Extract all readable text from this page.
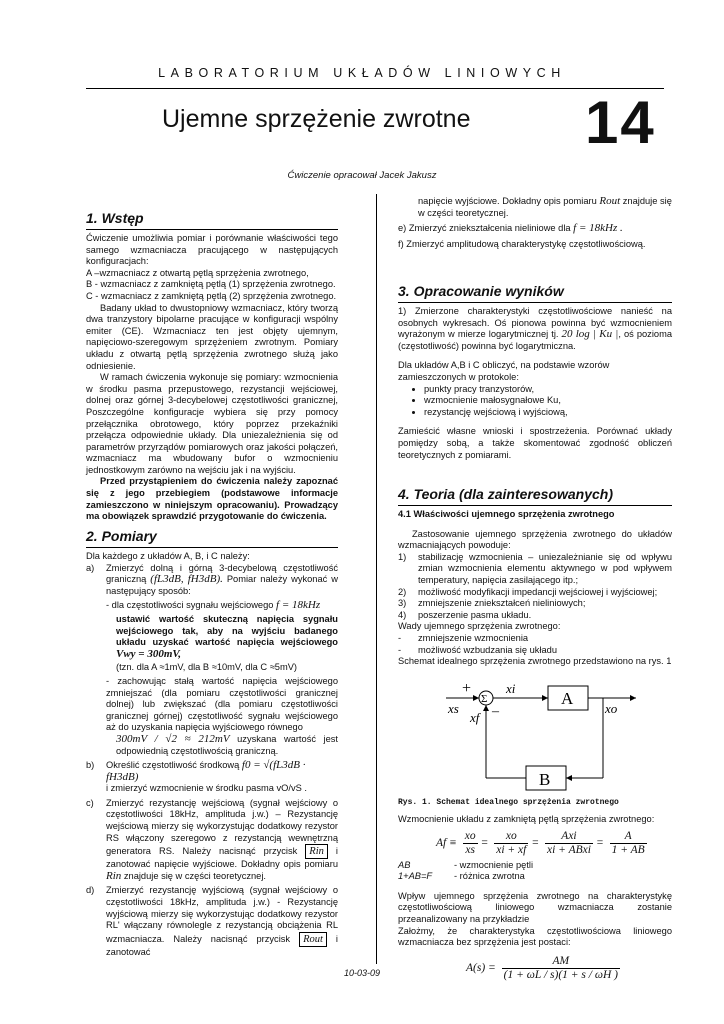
LABORATORIUM UKŁADÓW LINIOWYCH
Ujemne sprzężenie zwrotne 14
Ćwiczenie opracował Jacek Jakusz
1. Wstęp

Ćwiczenie umożliwia pomiar i porównanie właściwości tego samego wzmacniacza pracującego w następujących konfiguracjach:

A –wzmacniacz z otwartą pętlą sprzężenia zwrotnego,

B - wzmacniacz z zamkniętą pętlą (1) sprzężenia zwrotnego.

C - wzmacniacz z zamkniętą pętlą (2) sprzężenia zwrotnego.

Badany układ to dwustopniowy wzmacniacz, który tworzą dwa tranzystory bipolarne pracujące w konfiguracji wspólny emiter (CE). Wzmacniacz ten jest objęty ujemnym, napięciowo-szeregowym sprzężeniem zwrotnym. Pomiary układu z otwartą pętlą sprzężenia zwrotnego służą jako odniesienie.

W ramach ćwiczenia wykonuje się pomiary: wzmocnienia w środku pasma przepustowego, rezystancji wejściowej, dolnej oraz górnej 3-decybelowej częstotliwości granicznej, Poszczególne konfiguracje wybiera się przy pomocy przełącznika obrotowego, który poprzez przekaźniki przełącza odpowiednie układy. Dla uniezależnienia się od parametrów przyrządów pomiarowych oraz jakości połączeń, wzmacniacz ma wbudowany bufor o wzmocnieniu jednostkowym zarówno na wejściu jak i na wyjściu.

Przed przystąpieniem do ćwiczenia należy zapoznać się z jego przebiegiem (podstawowe informacje zamieszczono w niniejszym opracowaniu). Prowadzący ma obowiązek sprawdzić przygotowanie do ćwiczenia.

2. Pomiary

Dla każdego z układów A, B, i C należy:

a)	Zmierzyć dolną i górną 3-decybelową częstotliwość graniczną (fL3dB, fH3dB). Pomiar należy wykonać w następujący sposób:
- dla częstotliwości sygnału wejściowego f = 18kHz
ustawić wartość skuteczną napięcia sygnału wejściowego tak, aby na wyjściu badanego układu uzyskać wartość napięcia wejściowego Vwy = 300mV,
(tzn. dla A ≈1mV, dla B ≈10mV, dla C ≈5mV)
- zachowując stałą wartość napięcia wejściowego zmniejszać (dla pomiaru częstotliwości granicznej dolnej) lub zwiększać (dla pomiaru częstotliwości granicznej górnej) częstotliwość sygnału wejściowego aż do uzyskania napięcia wyjściowego równego
300mV / √2 ≈ 212mV uzyskana wartość jest odpowiednią częstotliwością graniczną.
b)	Określić częstotliwość środkową f0 = √(fL3dB · fH3dB)
i zmierzyć wzmocnienie w środku pasma vO/vS .
c)	Zmierzyć rezystancję wejściową (sygnał wejściowy o częstotliwości 18kHz, amplituda j.w.) – Rezystancję wejściową mierzy się wykorzystując dodatkowy rezystor RS włączony szeregowo z rezystancją wewnętrzną generatora RS. Należy nacisnąć przycisk Rin i zanotować napięcie wyjściowe. Dokładny opis pomiaru Rin znajduje się w części teoretycznej.
d)	Zmierzyć rezystancję wyjściową (sygnał wejściowy o częstotliwości 18kHz, amplituda j.w.) - Rezystancję wyjściową mierzy się wykorzystując dodatkowy rezystor RL' włączany równolegle z rezystancją obciążenia RL wzmacniacza. Należy nacisnąć przycisk Rout i zanotować
napięcie wyjściowe. Dokładny opis pomiaru Rout znajduje się w części teoretycznej.
e) Zmierzyć zniekształcenia nieliniowe dla f = 18kHz .
f) Zmierzyć amplitudową charakterystykę częstotliwościową.
3. Opracowanie wyników

1) Zmierzone charakterystyki częstotliwościowe nanieść na osobnych wykresach. Oś pionowa powinna być wzmocnieniem wyrażonym w mierze logarytmicznej tj. 20 log | Ku |, oś pozioma (częstotliwość) powinna być logarytmiczna.

Dla układów A,B i C obliczyć, na podstawie wzorów zamieszczonych w protokole:

• punkty pracy tranzystorów,
• wzmocnienie małosygnałowe Ku,
• rezystancję wejściową i wyjściową,

Zamieścić własne wnioski i spostrzeżenia. Porównać układy pomiędzy sobą, a także skomentować zgodność obliczeń teoretycznych z pomiarami.

4. Teoria (dla zainteresowanych)

4.1 Właściwości ujemnego sprzężenia zwrotnego

Zastosowanie ujemnego sprzężenia zwrotnego do układów wzmacniających powoduje:

1)	stabilizację wzmocnienia – uniezależnianie się od wpływu zmian wzmocnienia elementu aktywnego w pod wpływem temperatury, napięcia zasilającego itp.;
2)	możliwość modyfikacji impedancji wejściowej i wyjściowej;
3)	zmniejszenie zniekształceń nieliniowych;
4)	poszerzenie pasma układu.

Wady ujemnego sprzężenia zwrotnego:

-	zmniejszenie wzmocnienia
-	możliwość wzbudzania się układu

Schemat idealnego sprzężenia zwrotnego przedstawiono na rys. 1

+
–
Σ
xi
xs
xf
xo
A
B
Rys. 1. Schemat idealnego sprzężenia zwrotnego

Wzmocnienie układu z zamkniętą pętlą sprzężenia zwrotnego:

$Af \equiv \frac{xo}{xs} = \frac{xo}{xi + xf} = \frac{\text{Axi}}{\text{xi + ABxi}} = \frac{A}{1 + AB}$
AB	- wzmocnienie pętli
1+AB=F	- różnica zwrotna

Wpływ ujemnego sprzężenia zwrotnego na charakterystykę częstotliwościową liniowego wzmacniacza zostanie przeanalizowany na przykładzie

Założmy, że charakterystyka częstotliwościowa liniowego wzmacniacza bez sprzężenia jest postaci:

$A(s) = \frac{AM}{(1 + \omega L / s)(1 + s / \omega H )}$
10-03-09
